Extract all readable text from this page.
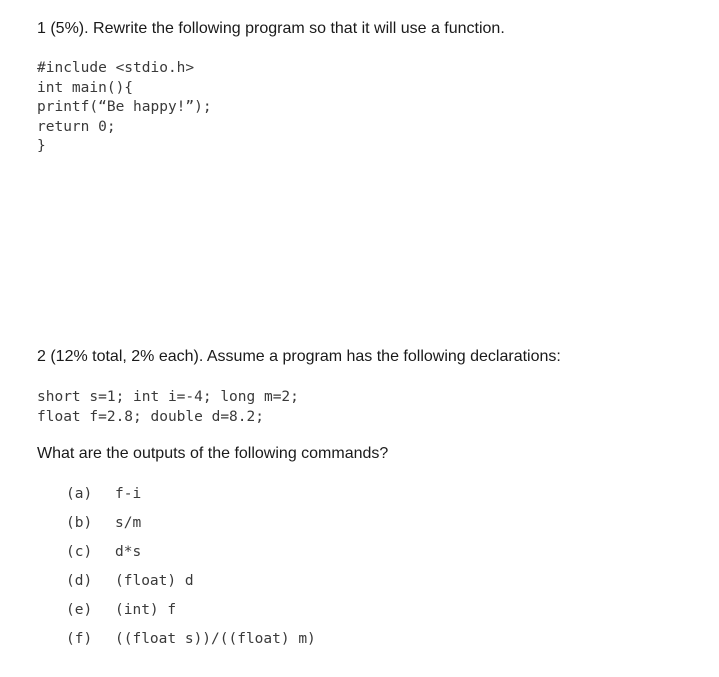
1 (5%). Rewrite the following program so that it will use a function.
#include <stdio.h>
int main(){
printf(“Be happy!”);
return 0;
}
2 (12% total, 2% each). Assume a program has the following declarations:
short s=1; int i=-4; long m=2;
float f=2.8; double d=8.2;

What are the outputs of the following commands?

(a)	f-i
(b)	s/m
(c)	d*s
(d)	(float) d
(e)	(int) f
(f)	((float s))/((float) m)
